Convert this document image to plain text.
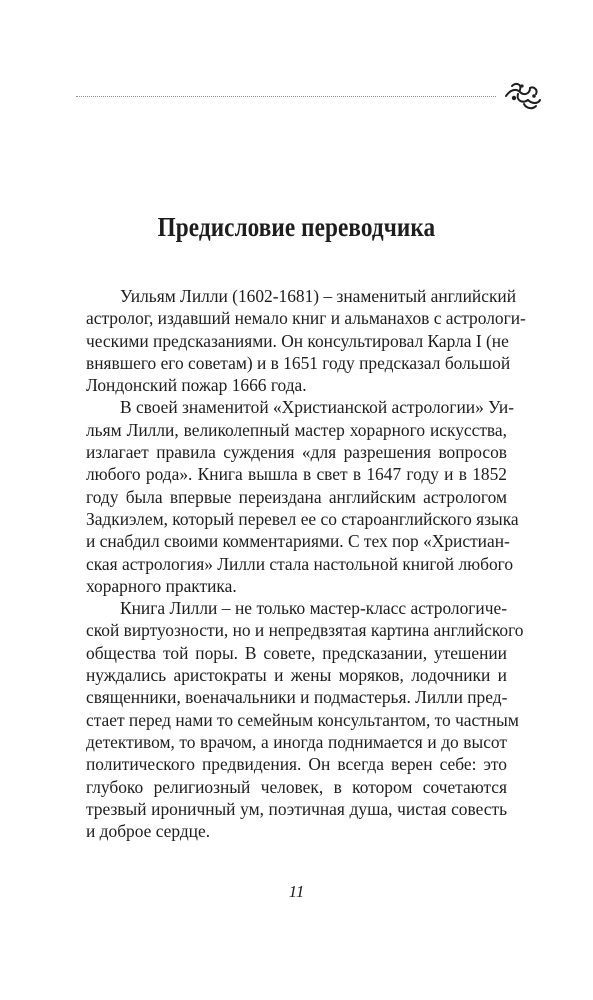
Предисловие переводчика
Уильям Лилли (1602-1681) – знаменитый английский
астролог, издавший немало книг и альманахов с астрологи-
ческими предсказаниями. Он консультировал Карла I (не
внявшего его советам) и в 1651 году предсказал большой
Лондонский пожар 1666 года.
В своей знаменитой «Христианской астрологии» Уи-
льям Лилли, великолепный мастер хорарного искусства,
излагает правила суждения «для разрешения вопросов
любого рода». Книга вышла в свет в 1647 году и в 1852
году была впервые переиздана английским астрологом
Задкиэлем, который перевел ее со староанглийского языка
и снабдил своими комментариями. С тех пор «Христиан-
ская астрология» Лилли стала настольной книгой любого
хорарного практика.
Книга Лилли – не только мастер-класс астрологиче-
ской виртуозности, но и непредвзятая картина английского
общества той поры. В совете, предсказании, утешении
нуждались аристократы и жены моряков, лодочники и
священники, военачальники и подмастерья. Лилли пред-
стает перед нами то семейным консультантом, то частным
детективом, то врачом, а иногда поднимается и до высот
политического предвидения. Он всегда верен себе: это
глубоко религиозный человек, в котором сочетаются
трезвый ироничный ум, поэтичная душа, чистая совесть
и доброе сердце.
11
